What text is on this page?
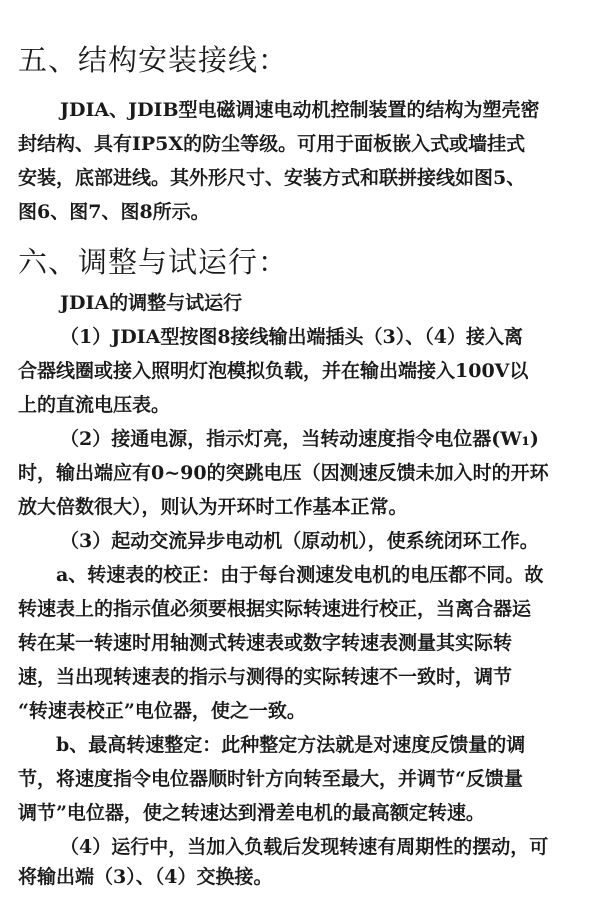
五、结构安装接线：

JDIA、JDIB型电磁调速电动机控制装置的结构为塑壳密

封结构、具有IP5X的防尘等级。可用于面板嵌入式或墙挂式

安装，底部进线。其外形尺寸、安装方式和联拼接线如图5、

图6、图7、图8所示。

六、调整与试运行：

JDIA的调整与试运行

（1）JDIA型按图8接线输出端插头（3）、（4）接入离

合器线圈或接入照明灯泡模拟负载，并在输出端接入100V以

上的直流电压表。

（2）接通电源，指示灯亮，当转动速度指令电位器(W₁)

时，输出端应有0~90的突跳电压（因测速反馈未加入时的开环

放大倍数很大），则认为开环时工作基本正常。

（3）起动交流异步电动机（原动机），使系统闭环工作。

a、转速表的校正：由于每台测速发电机的电压都不同。故

转速表上的指示值必须要根据实际转速进行校正，当离合器运

转在某一转速时用轴测式转速表或数字转速表测量其实际转

速，当出现转速表的指示与测得的实际转速不一致时，调节

“转速表校正”电位器，使之一致。

b、最高转速整定：此种整定方法就是对速度反馈量的调

节，将速度指令电位器顺时针方向转至最大，并调节“反馈量

调节”电位器，使之转速达到滑差电机的最高额定转速。

（4）运行中，当加入负载后发现转速有周期性的摆动，可

将输出端（3）、（4）交换接。
